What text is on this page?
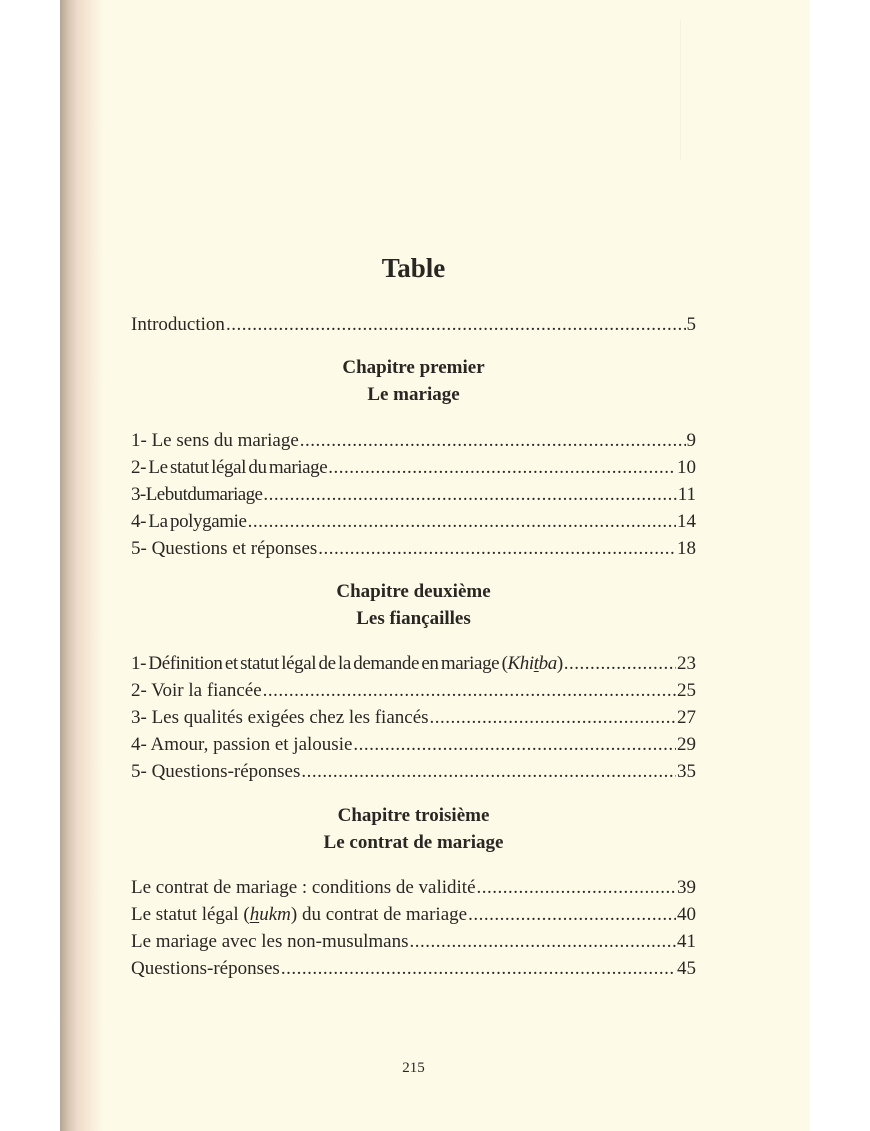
Table
Introduction .....	5
Chapitre premier
Le mariage
1- Le sens du mariage .....	9
2- Le statut légal du mariage .....	10
3- Le but du mariage .....	11
4- La polygamie .....	14
5- Questions et réponses .....	18
Chapitre deuxième
Les fiançailles
1- Définition et statut légal de la demande en mariage (Khitba) .....	23
2- Voir la fiancée .....	25
3- Les qualités exigées chez les fiancés .....	27
4- Amour, passion et jalousie .....	29
5- Questions-réponses .....	35
Chapitre troisième
Le contrat de mariage
Le contrat de mariage : conditions de validité .....	39
Le statut légal (hukm) du contrat de mariage .....	40
Le mariage avec les non-musulmans .....	41
Questions-réponses .....	45
215
